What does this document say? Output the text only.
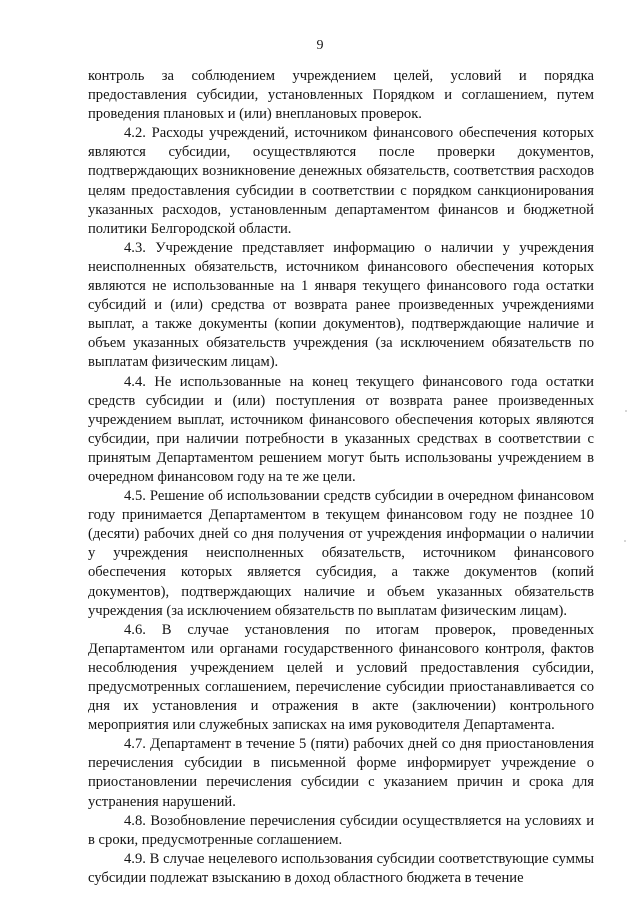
9

контроль за соблюдением учреждением целей, условий и порядка предоставления субсидии, установленных Порядком и соглашением, путем проведения плановых и (или) внеплановых проверок.

4.2. Расходы учреждений, источником финансового обеспечения которых являются субсидии, осуществляются после проверки документов, подтверждающих возникновение денежных обязательств, соответствия расходов целям предоставления субсидии в соответствии с порядком санкционирования указанных расходов, установленным департаментом финансов и бюджетной политики Белгородской области.

4.3. Учреждение представляет информацию о наличии у учреждения неисполненных обязательств, источником финансового обеспечения которых являются не использованные на 1 января текущего финансового года остатки субсидий и (или) средства от возврата ранее произведенных учреждениями выплат, а также документы (копии документов), подтверждающие наличие и объем указанных обязательств учреждения (за исключением обязательств по выплатам физическим лицам).

4.4. Не использованные на конец текущего финансового года остатки средств субсидии и (или) поступления от возврата ранее произведенных учреждением выплат, источником финансового обеспечения которых являются субсидии, при наличии потребности в указанных средствах в соответствии с принятым Департаментом решением могут быть использованы учреждением в очередном финансовом году на те же цели.

4.5. Решение об использовании средств субсидии в очередном финансовом году принимается Департаментом в текущем финансовом году не позднее 10 (десяти) рабочих дней со дня получения от учреждения информации о наличии у учреждения неисполненных обязательств, источником финансового обеспечения которых является субсидия, а также документов (копий документов), подтверждающих наличие и объем указанных обязательств учреждения (за исключением обязательств по выплатам физическим лицам).

4.6. В случае установления по итогам проверок, проведенных Департаментом или органами государственного финансового контроля, фактов несоблюдения учреждением целей и условий предоставления субсидии, предусмотренных соглашением, перечисление субсидии приостанавливается со дня их установления и отражения в акте (заключении) контрольного мероприятия или служебных записках на имя руководителя Департамента.

4.7. Департамент в течение 5 (пяти) рабочих дней со дня приостановления перечисления субсидии в письменной форме информирует учреждение о приостановлении перечисления субсидии с указанием причин и срока для устранения нарушений.

4.8. Возобновление перечисления субсидии осуществляется на условиях и в сроки, предусмотренные соглашением.

4.9. В случае нецелевого использования субсидии соответствующие суммы субсидии подлежат взысканию в доход областного бюджета в течение
